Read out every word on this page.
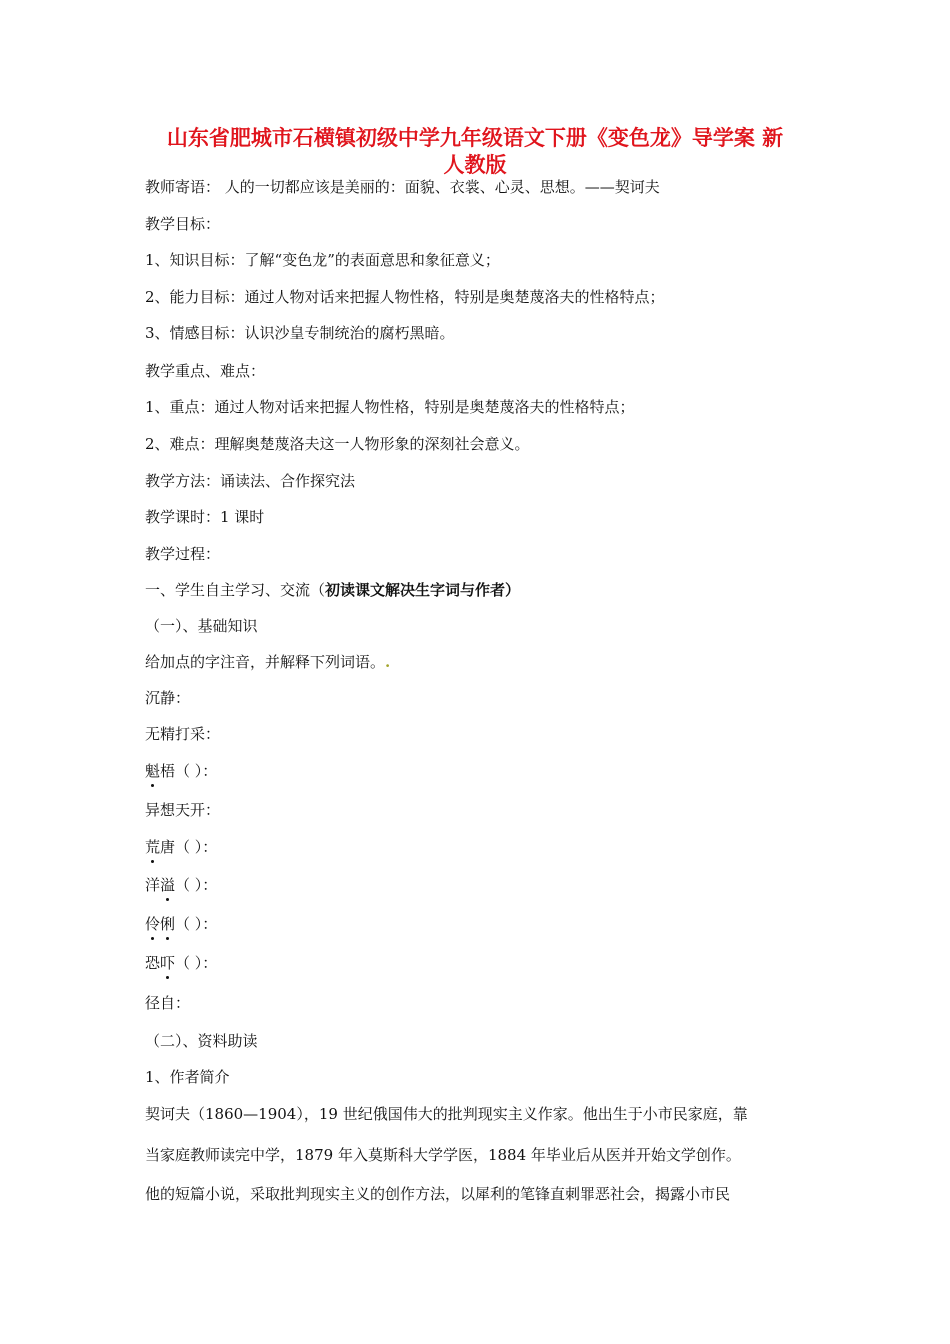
山东省肥城市石横镇初级中学九年级语文下册《变色龙》导学案 新
人教版
教师寄语： 人的一切都应该是美丽的：面貌、衣裳、心灵、思想。——契诃夫
教学目标：
1、知识目标：了解“变色龙”的表面意思和象征意义；
2、能力目标：通过人物对话来把握人物性格，特别是奥楚蔑洛夫的性格特点；
3、情感目标：认识沙皇专制统治的腐朽黑暗。
教学重点、难点：
1、重点：通过人物对话来把握人物性格，特别是奥楚蔑洛夫的性格特点；
2、难点：理解奥楚蔑洛夫这一人物形象的深刻社会意义。
教学方法：诵读法、合作探究法
教学课时：1 课时
教学过程：
一、学生自主学习、交流（初读课文解决生字词与作者）
（一）、基础知识
给加点的字注音，并解释下列词语。.
沉静：
无精打采：
魁梧（ ）：
异想天开：
荒唐（ ）：
洋溢（ ）：
伶俐（ ）：
恐吓（ ）：
径自：
（二）、资料助读
1、作者简介
契诃夫（1860—1904），19 世纪俄国伟大的批判现实主义作家。他出生于小市民家庭，靠
当家庭教师读完中学，1879 年入莫斯科大学学医，1884 年毕业后从医并开始文学创作。
他的短篇小说，采取批判现实主义的创作方法，以犀利的笔锋直刺罪恶社会，揭露小市民
